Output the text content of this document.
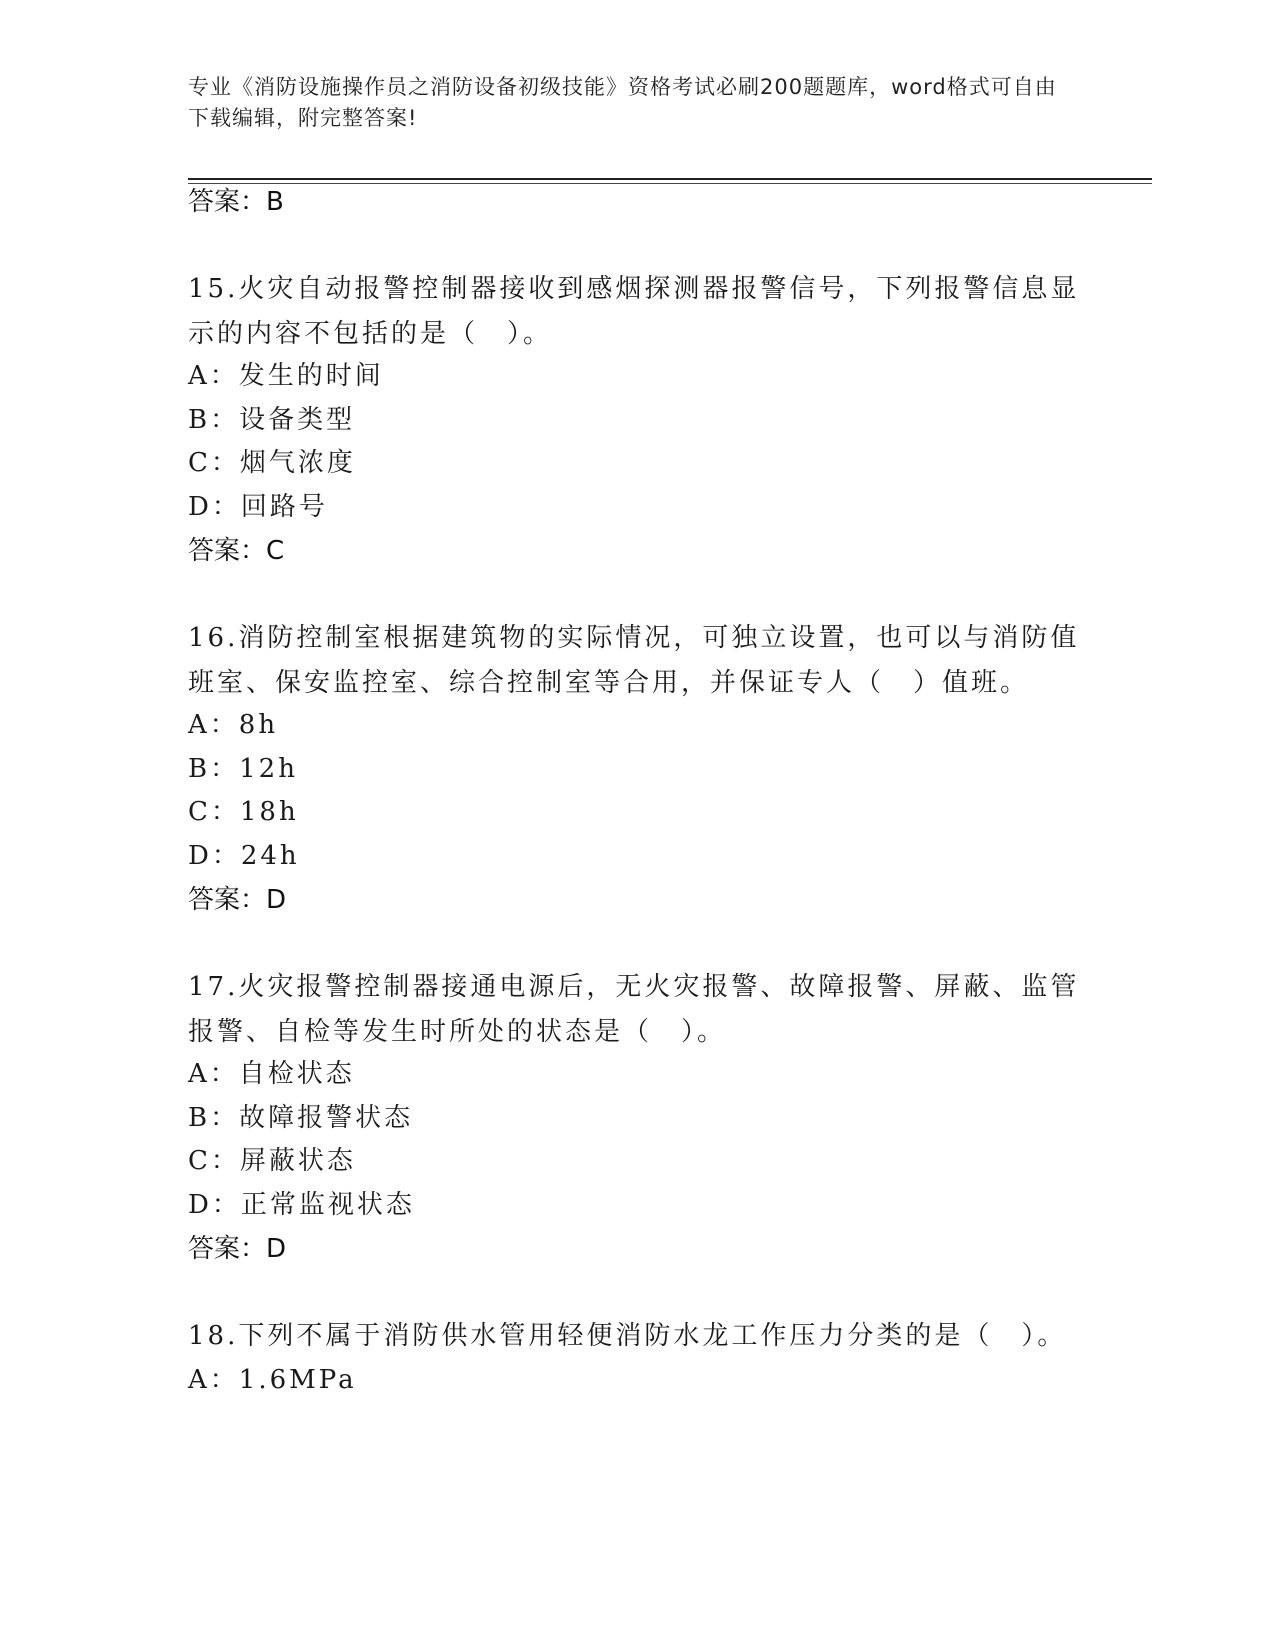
专业《消防设施操作员之消防设备初级技能》资格考试必刷200题题库，word格式可自由下载编辑，附完整答案!
答案：B
15.火灾自动报警控制器接收到感烟探测器报警信号，下列报警信息显示的内容不包括的是（　）。
A：发生的时间
B：设备类型
C：烟气浓度
D：回路号
答案：C
16.消防控制室根据建筑物的实际情况，可独立设置，也可以与消防值班室、保安监控室、综合控制室等合用，并保证专人（　）值班。
A：8h
B：12h
C：18h
D：24h
答案：D
17.火灾报警控制器接通电源后，无火灾报警、故障报警、屏蔽、监管报警、自检等发生时所处的状态是（　）。
A：自检状态
B：故障报警状态
C：屏蔽状态
D：正常监视状态
答案：D
18.下列不属于消防供水管用轻便消防水龙工作压力分类的是（　）。
A：1.6MPa
